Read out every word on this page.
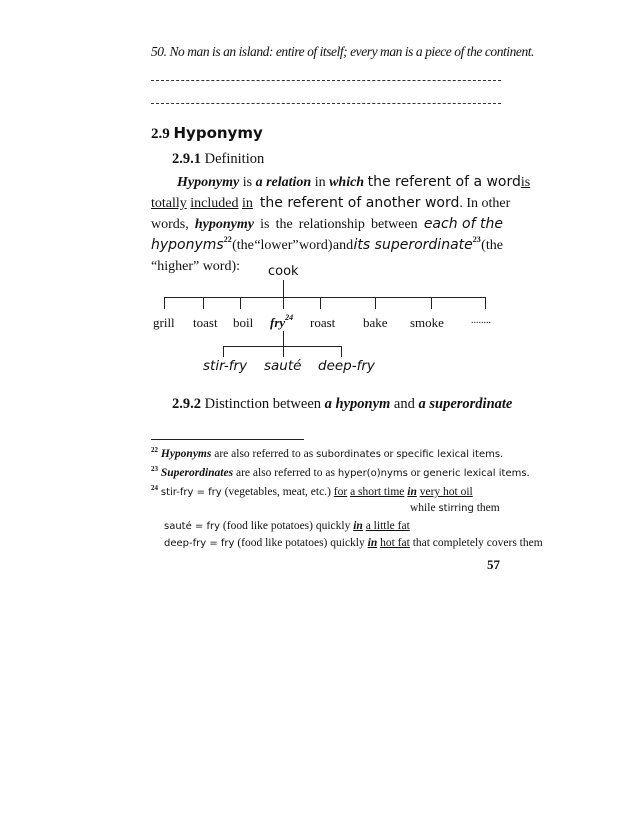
50. No man is an island: entire of itself; every man is a piece of the continent.
2.9 Hyponymy
2.9.1 Definition
Hyponymy is a relation in which the referent of a word is
totally
included
in
the referent of another word . In other
words, hyponymy is the relationship between each of the
hyponyms$^{22}$ (the “lower” word) and its superordinate$^{23}$ (the
“higher” word): cook
grill toast boil fry$^{24}$ roast bake smoke	........
stir-fry sauté deep-fry
2.9.2 Distinction between a hyponym and a superordinate
$^{22}$ Hyponyms are also referred to as subordinates or specific lexical items.
$^{23}$ Superordinates are also referred to as hyper(o)nyms or generic lexical items.
$^{24}$ stir-fry = fry (vegetables, meat, etc.) for a short time in very hot oil
while stirring them
sauté = fry (food like potatoes) quickly in a little fat
deep-fry = fry (food like potatoes) quickly in hot fat that completely covers them
57
